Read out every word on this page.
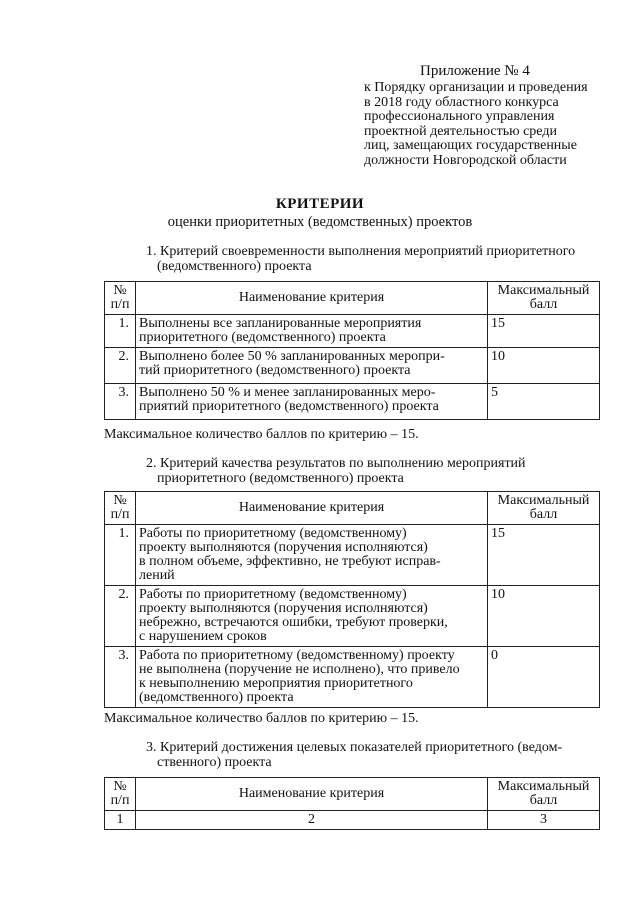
Приложение № 4
к Порядку организации и проведения
в 2018 году областного конкурса
профессионального управления
проектной деятельностью среди
лиц, замещающих государственные
должности Новгородской области
КРИТЕРИИ
оценки приоритетных (ведомственных) проектов
1. Критерий своевременности выполнения мероприятий приоритетного
(ведомственного) проекта
№
п/п	Наименование критерия	Максимальный
балл

1.	Выполнены все запланированные мероприятия
приоритетного (ведомственного) проекта	15
2.	Выполнено более 50 % запланированных меропри-
тий приоритетного (ведомственного) проекта	10
3.	Выполнено 50 % и менее запланированных меро-
приятий приоритетного (ведомственного) проекта	5
Максимальное количество баллов по критерию – 15.
2. Критерий качества результатов по выполнению мероприятий
приоритетного (ведомственного) проекта
№
п/п	Наименование критерия	Максимальный
балл

1.	Работы по приоритетному (ведомственному)
проекту выполняются (поручения исполняются)
в полном объеме, эффективно, не требуют исправ-
лений	15
2.	Работы по приоритетному (ведомственному)
проекту выполняются (поручения исполняются)
небрежно, встречаются ошибки, требуют проверки,
с нарушением сроков	10
3.	Работа по приоритетному (ведомственному) проекту
не выполнена (поручение не исполнено), что привело
к невыполнению мероприятия приоритетного
(ведомственного) проекта	0
Максимальное количество баллов по критерию – 15.
3. Критерий достижения целевых показателей приоритетного (ведом-
ственного) проекта
№
п/п	Наименование критерия	Максимальный
балл

1	2	3
